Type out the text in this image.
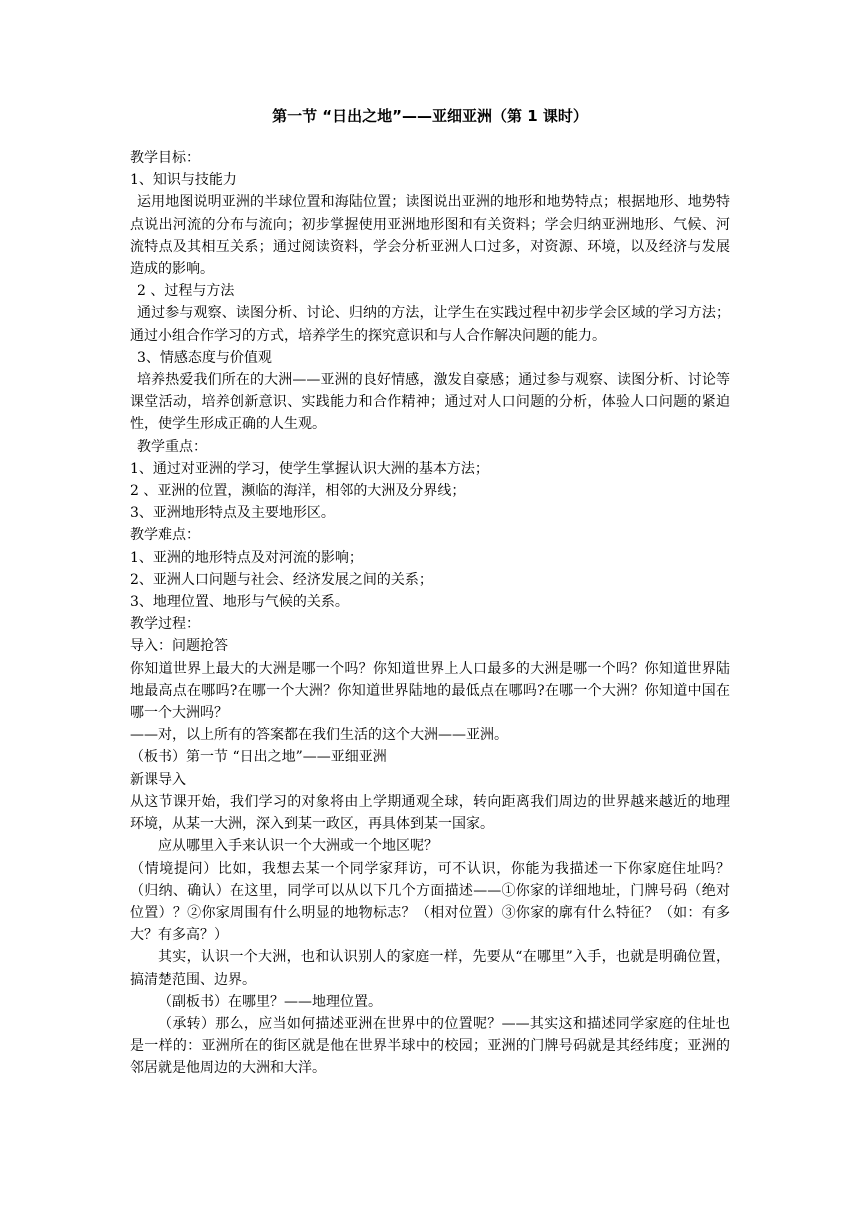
第一节 “日出之地”——亚细亚洲（第 1 课时）

教学目标：

1、知识与技能力

运用地图说明亚洲的半球位置和海陆位置；读图说出亚洲的地形和地势特点；根据地形、地势特点说出河流的分布与流向；初步掌握使用亚洲地形图和有关资料；学会归纳亚洲地形、气候、河流特点及其相互关系；通过阅读资料，学会分析亚洲人口过多，对资源、环境，以及经济与发展造成的影响。

2 、过程与方法

通过参与观察、读图分析、讨论、归纳的方法，让学生在实践过程中初步学会区域的学习方法；通过小组合作学习的方式，培养学生的探究意识和与人合作解决问题的能力。

3、情感态度与价值观

培养热爱我们所在的大洲——亚洲的良好情感，激发自豪感；通过参与观察、读图分析、讨论等课堂活动，培养创新意识、实践能力和合作精神；通过对人口问题的分析，体验人口问题的紧迫性，使学生形成正确的人生观。

教学重点：

1、通过对亚洲的学习，使学生掌握认识大洲的基本方法；

2 、亚洲的位置，濒临的海洋，相邻的大洲及分界线；

3、亚洲地形特点及主要地形区。

教学难点：

1、亚洲的地形特点及对河流的影响；

2、亚洲人口问题与社会、经济发展之间的关系；

3、地理位置、地形与气候的关系。

教学过程：

导入：问题抢答

你知道世界上最大的大洲是哪一个吗？你知道世界上人口最多的大洲是哪一个吗？你知道世界陆地最高点在哪吗?在哪一个大洲？你知道世界陆地的最低点在哪吗?在哪一个大洲？你知道中国在哪一个大洲吗？

——对，以上所有的答案都在我们生活的这个大洲——亚洲。

（板书）第一节 “日出之地”——亚细亚洲

新课导入

从这节课开始，我们学习的对象将由上学期通观全球，转向距离我们周边的世界越来越近的地理环境，从某一大洲，深入到某一政区，再具体到某一国家。

应从哪里入手来认识一个大洲或一个地区呢？

（情境提问）比如，我想去某一个同学家拜访，可不认识，你能为我描述一下你家庭住址吗？（归纳、确认）在这里，同学可以从以下几个方面描述——①你家的详细地址，门牌号码（绝对位置）？②你家周围有什么明显的地物标志？（相对位置）③你家的廓有什么特征？（如：有多大？有多高？）

其实，认识一个大洲，也和认识别人的家庭一样，先要从“在哪里”入手，也就是明确位置，搞清楚范围、边界。

（副板书）在哪里？——地理位置。

（承转）那么，应当如何描述亚洲在世界中的位置呢？——其实这和描述同学家庭的住址也是一样的：亚洲所在的街区就是他在世界半球中的校园；亚洲的门牌号码就是其经纬度；亚洲的邻居就是他周边的大洲和大洋。
